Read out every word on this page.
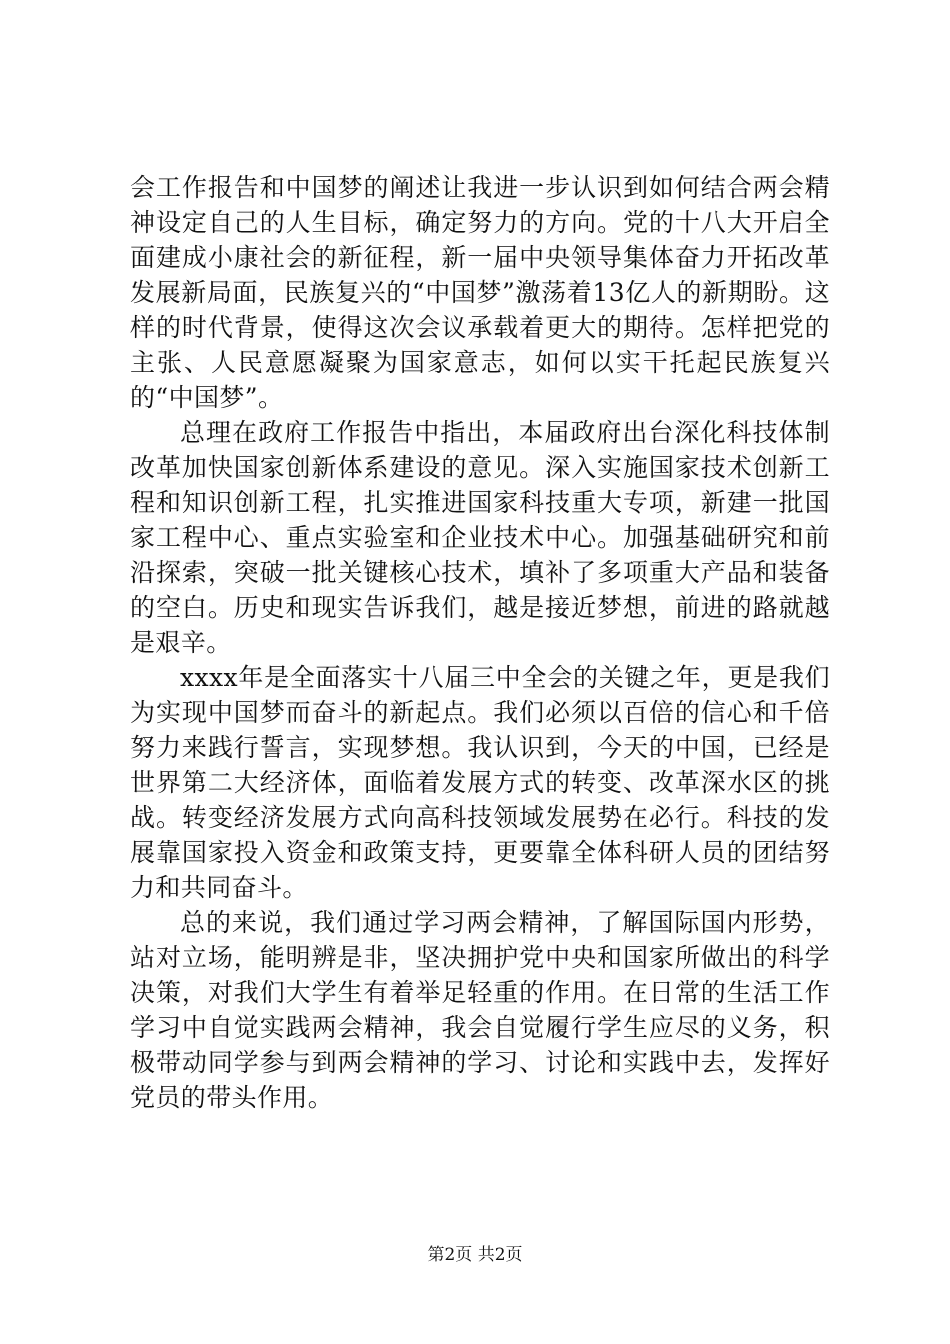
会工作报告和中国梦的阐述让我进一步认识到如何结合两会精神设定自己的人生目标，确定努力的方向。党的十八大开启全面建成小康社会的新征程，新一届中央领导集体奋力开拓改革发展新局面，民族复兴的“中国梦”激荡着13亿人的新期盼。这样的时代背景，使得这次会议承载着更大的期待。怎样把党的主张、人民意愿凝聚为国家意志，如何以实干托起民族复兴的“中国梦”。

总理在政府工作报告中指出，本届政府出台深化科技体制改革加快国家创新体系建设的意见。深入实施国家技术创新工程和知识创新工程，扎实推进国家科技重大专项，新建一批国家工程中心、重点实验室和企业技术中心。加强基础研究和前沿探索，突破一批关键核心技术，填补了多项重大产品和装备的空白。历史和现实告诉我们，越是接近梦想，前进的路就越是艰辛。

xxxx年是全面落实十八届三中全会的关键之年，更是我们为实现中国梦而奋斗的新起点。我们必须以百倍的信心和千倍努力来践行誓言，实现梦想。我认识到，今天的中国，已经是世界第二大经济体，面临着发展方式的转变、改革深水区的挑战。转变经济发展方式向高科技领域发展势在必行。科技的发展靠国家投入资金和政策支持，更要靠全体科研人员的团结努力和共同奋斗。

总的来说，我们通过学习两会精神，了解国际国内形势，站对立场，能明辨是非，坚决拥护党中央和国家所做出的科学决策，对我们大学生有着举足轻重的作用。在日常的生活工作学习中自觉实践两会精神，我会自觉履行学生应尽的义务，积极带动同学参与到两会精神的学习、讨论和实践中去，发挥好党员的带头作用。

第2页 共2页
